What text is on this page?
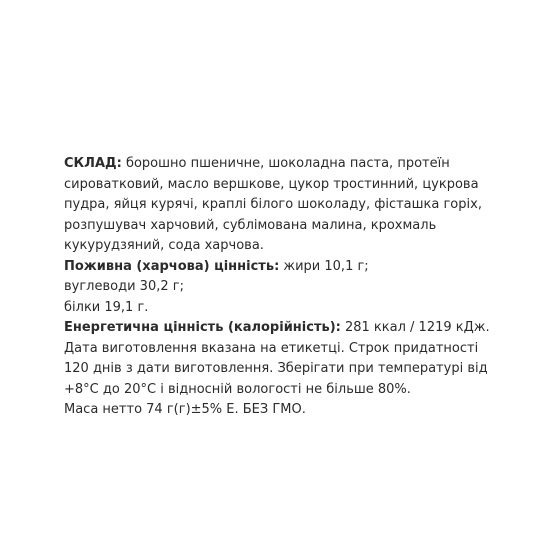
СКЛАД: борошно пшеничне, шоколадна паста, протеїн сироватковий, масло вершкове, цукор тростинний, цукрова пудра, яйця курячі, краплі білого шоколаду, фісташка горіх, розпушувач харчовий, сублімована малина, крохмаль кукурудзяний, сода харчова.

Поживна (харчова) цінність: жири 10,1 г;

вуглеводи 30,2 г;

білки 19,1 г.

Енергетична цінність (калорійність): 281 ккал / 1219 кДж.

Дата виготовлення вказана на етикетці. Строк придатності 120 днів з дати виготовлення. Зберігати при температурі від +8°С до 20°С і відносній вологості не більше 80%.

Маса нетто 74 г(г)±5% Е. БЕЗ ГМО.
